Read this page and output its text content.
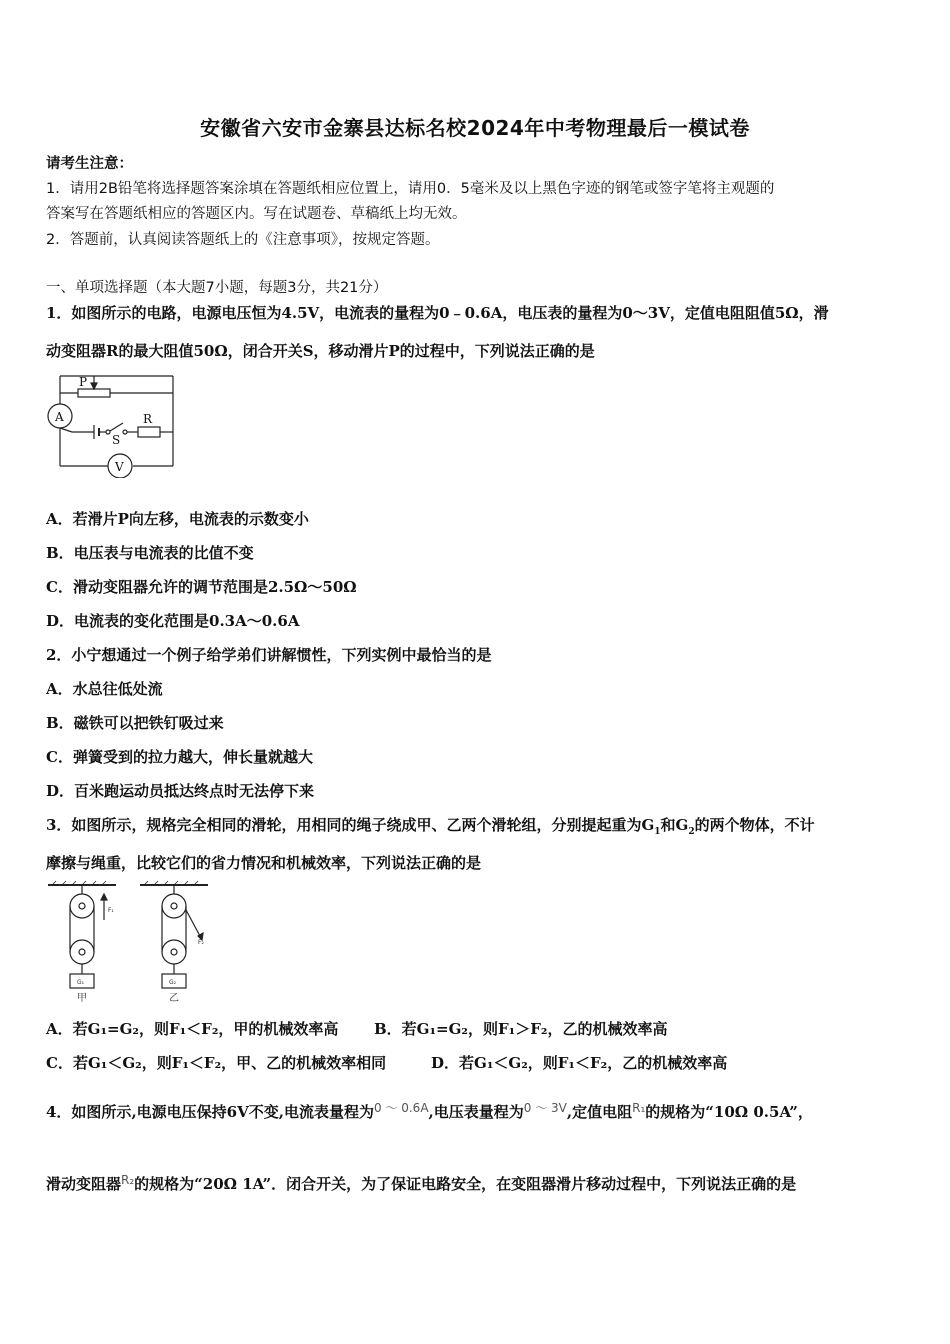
安徽省六安市金寨县达标名校2024年中考物理最后一模试卷
请考生注意：
1．请用2B铅笔将选择题答案涂填在答题纸相应位置上，请用0．5毫米及以上黑色字迹的钢笔或签字笔将主观题的
答案写在答题纸相应的答题区内。写在试题卷、草稿纸上均无效。
2．答题前，认真阅读答题纸上的《注意事项》，按规定答题。
一、单项选择题（本大题7小题，每题3分，共21分）
1．如图所示的电路，电源电压恒为4.5V，电流表的量程为0﹣0.6A，电压表的量程为0～3V，定值电阻阻值5Ω，滑
动变阻器R的最大阻值50Ω，闭合开关S，移动滑片P的过程中，下列说法正确的是
P
A
S
R
V
A．若滑片P向左移，电流表的示数变小
B．电压表与电流表的比值不变
C．滑动变阻器允许的调节范围是2.5Ω～50Ω
D．电流表的变化范围是0.3A～0.6A
2．小宁想通过一个例子给学弟们讲解惯性，下列实例中最恰当的是
A．水总往低处流
B．磁铁可以把铁钉吸过来
C．弹簧受到的拉力越大，伸长量就越大
D．百米跑运动员抵达终点时无法停下来
3．如图所示，规格完全相同的滑轮，用相同的绳子绕成甲、乙两个滑轮组，分别提起重为$G_1$和$G_2$的两个物体，不计
摩擦与绳重，比较它们的省力情况和机械效率，下列说法正确的是
F₁
F₂
G₁	G₂
甲	乙
A．若G₁=G₂，则F₁＜F₂，甲的机械效率高 B．若G₁=G₂，则F₁＞F₂，乙的机械效率高
C．若G₁＜G₂，则F₁＜F₂，甲、乙的机械效率相同	D．若G₁＜G₂，则F₁＜F₂，乙的机械效率高
4．如图所示,电源电压保持6V不变,电流表量程为$^{0 \sim 0.6A}$,电压表量程为$^{0 \sim 3V}$,定值电阻$^{R_1}$的规格为“10Ω 0.5A”，
滑动变阻器$^{R_2}$的规格为“20Ω 1A”．闭合开关，为了保证电路安全，在变阻器滑片移动过程中，下列说法正确的是
